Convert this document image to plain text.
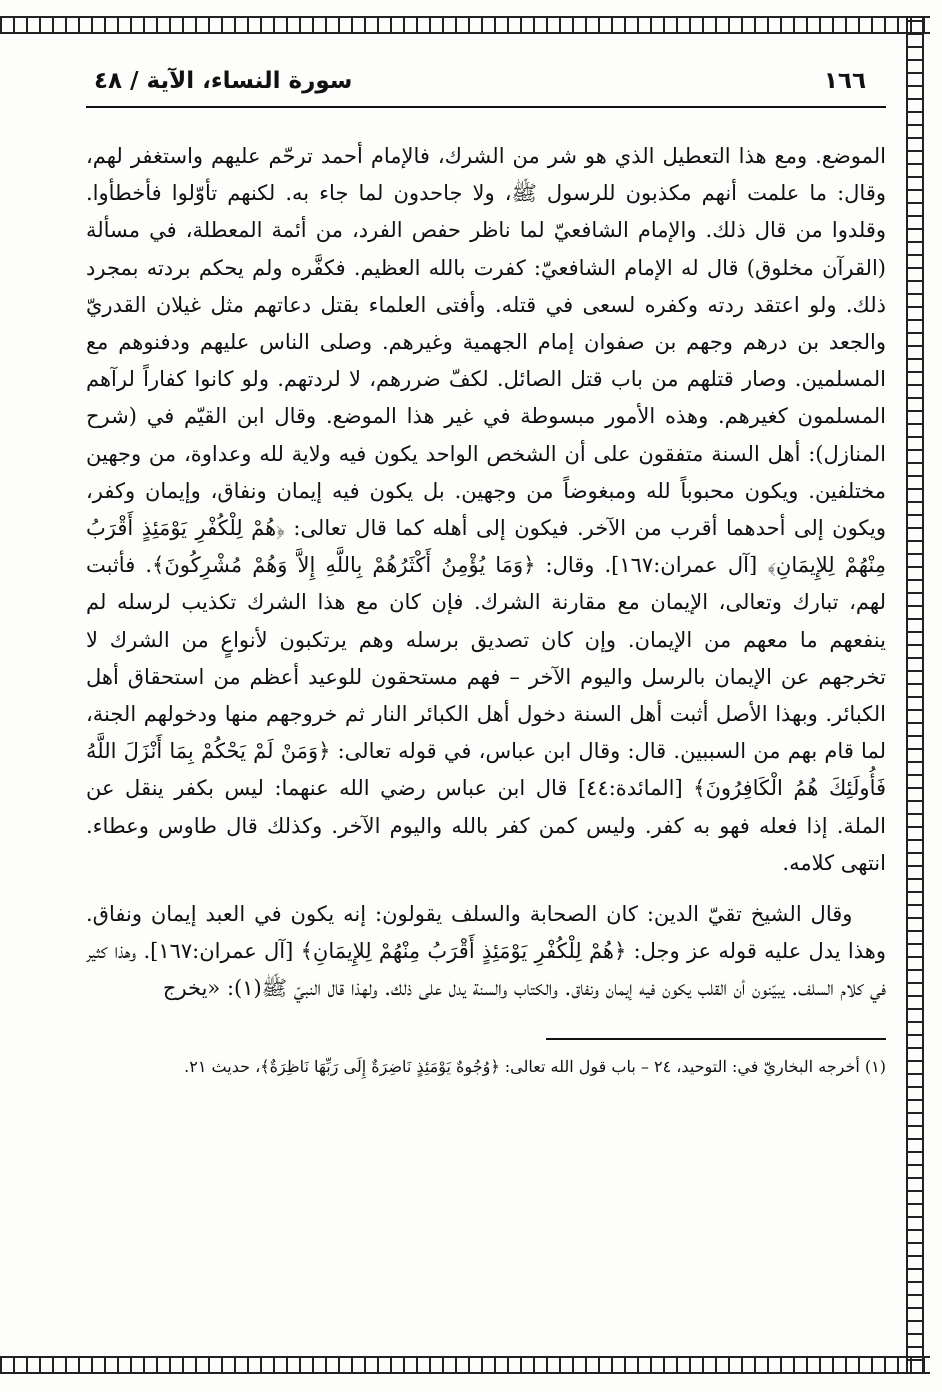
١٦٦
سورة النساء، الآية / ٤٨

الموضع. ومع هذا التعطيل الذي هو شر من الشرك، فالإمام أحمد ترحّم عليهم واستغفر لهم، وقال: ما علمت أنهم مكذبون للرسول ﷺ، ولا جاحدون لما جاء به. لكنهم تأوّلوا فأخطأوا. وقلدوا من قال ذلك. والإمام الشافعيّ لما ناظر حفص الفرد، من أئمة المعطلة، في مسألة (القرآن مخلوق) قال له الإمام الشافعيّ: كفرت بالله العظيم. فكفَّره ولم يحكم بردته بمجرد ذلك. ولو اعتقد ردته وكفره لسعى في قتله. وأفتى العلماء بقتل دعاتهم مثل غيلان القدريّ والجعد بن درهم وجهم بن صفوان إمام الجهمية وغيرهم. وصلى الناس عليهم ودفنوهم مع المسلمين. وصار قتلهم من باب قتل الصائل. لكفّ ضررهم، لا لردتهم. ولو كانوا كفاراً لرآهم المسلمون كغيرهم. وهذه الأمور مبسوطة في غير هذا الموضع. وقال ابن القيّم في (شرح المنازل): أهل السنة متفقون على أن الشخص الواحد يكون فيه ولاية لله وعداوة، من وجهين مختلفين. ويكون محبوباً لله ومبغوضاً من وجهين. بل يكون فيه إيمان ونفاق، وإيمان وكفر، ويكون إلى أحدهما أقرب من الآخر. فيكون إلى أهله كما قال تعالى: ﴿هُمْ لِلْكُفْرِ يَوْمَئِذٍ أَقْرَبُ مِنْهُمْ لِلإِيمَانِ﴾ [آل عمران:١٦٧]. وقال: ﴿وَمَا يُؤْمِنُ أَكْثَرُهُمْ بِاللَّهِ إِلاَّ وَهُمْ مُشْرِكُونَ﴾. فأثبت لهم، تبارك وتعالى، الإيمان مع مقارنة الشرك. فإن كان مع هذا الشرك تكذيب لرسله لم ينفعهم ما معهم من الإيمان. وإن كان تصديق برسله وهم يرتكبون لأنواعٍ من الشرك لا تخرجهم عن الإيمان بالرسل واليوم الآخر – فهم مستحقون للوعيد أعظم من استحقاق أهل الكبائر. وبهذا الأصل أثبت أهل السنة دخول أهل الكبائر النار ثم خروجهم منها ودخولهم الجنة، لما قام بهم من السببين. قال: وقال ابن عباس، في قوله تعالى: ﴿وَمَنْ لَمْ يَحْكُمْ بِمَا أَنْزَلَ اللَّهُ فَأُولَئِكَ هُمُ الْكَافِرُونَ﴾ [المائدة:٤٤] قال ابن عباس رضي الله عنهما: ليس بكفر ينقل عن الملة. إذا فعله فهو به كفر. وليس كمن كفر بالله واليوم الآخر. وكذلك قال طاوس وعطاء. انتهى كلامه.

وقال الشيخ تقيّ الدين: كان الصحابة والسلف يقولون: إنه يكون في العبد إيمان ونفاق. وهذا يدل عليه قوله عز وجل: ﴿هُمْ لِلْكُفْرِ يَوْمَئِذٍ أَقْرَبُ مِنْهُمْ لِلإِيمَانِ﴾ [آل عمران:١٦٧]. وهذا كثير في كلام السلف. يبيّنون أن القلب يكون فيه إيمان ونفاق. والكتاب والسنة يدل على ذلك. ولهذا قال النبيّ ﷺ(١): «يخرج

(١) أخرجه البخاريّ في: التوحيد، ٢٤ – باب قول الله تعالى: ﴿وُجُوهٌ يَوْمَئِذٍ نَاضِرَةٌ إِلَى رَبِّهَا نَاظِرَةٌ﴾، حديث ٢١.
